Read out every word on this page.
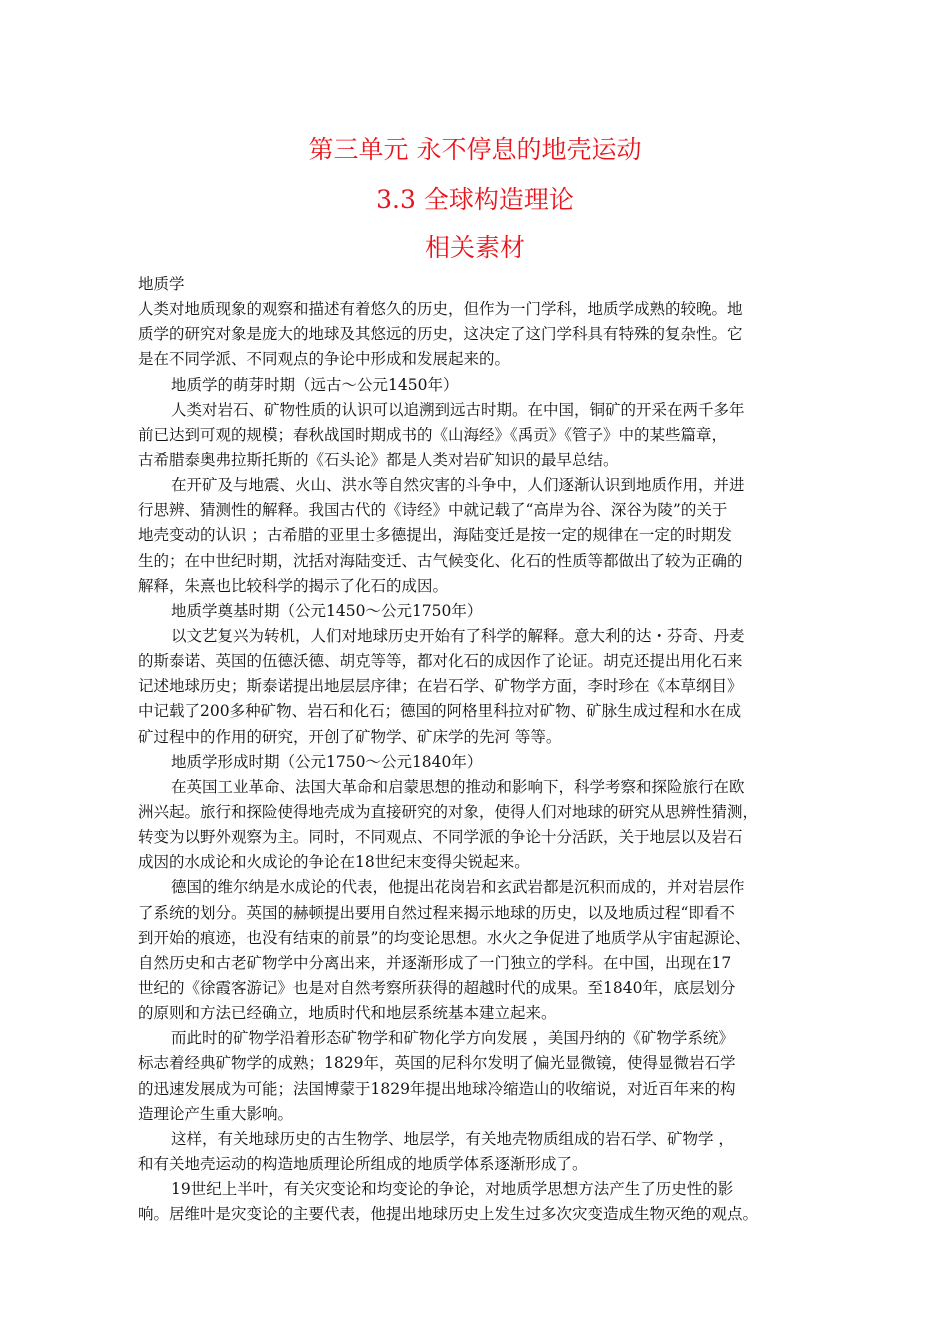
第三单元 永不停息的地壳运动
3.3 全球构造理论
相关素材
地质学
人类对地质现象的观察和描述有着悠久的历史，但作为一门学科，地质学成熟的较晚。地
质学的研究对象是庞大的地球及其悠远的历史，这决定了这门学科具有特殊的复杂性。它
是在不同学派、不同观点的争论中形成和发展起来的。
地质学的萌芽时期（远古～公元1450年）
人类对岩石、矿物性质的认识可以追溯到远古时期。在中国，铜矿的开采在两千多年
前已达到可观的规模；春秋战国时期成书的《山海经》《禹贡》《管子》中的某些篇章，
古希腊泰奥弗拉斯托斯的《石头论》都是人类对岩矿知识的最早总结。
在开矿及与地震、火山、洪水等自然灾害的斗争中，人们逐渐认识到地质作用，并进
行思辨、猜测性的解释。我国古代的《诗经》中就记载了“高岸为谷、深谷为陵”的关于
地壳变动的认识 ；古希腊的亚里士多德提出，海陆变迁是按一定的规律在一定的时期发
生的；在中世纪时期，沈括对海陆变迁、古气候变化、化石的性质等都做出了较为正确的
解释，朱熹也比较科学的揭示了化石的成因。
地质学奠基时期（公元1450～公元1750年）
以文艺复兴为转机，人们对地球历史开始有了科学的解释。意大利的达・芬奇、丹麦
的斯泰诺、英国的伍德沃德、胡克等等，都对化石的成因作了论证。胡克还提出用化石来
记述地球历史；斯泰诺提出地层层序律；在岩石学、矿物学方面，李时珍在《本草纲目》
中记载了200多种矿物、岩石和化石；德国的阿格里科拉对矿物、矿脉生成过程和水在成
矿过程中的作用的研究，开创了矿物学、矿床学的先河 等等。
地质学形成时期（公元1750～公元1840年）
在英国工业革命、法国大革命和启蒙思想的推动和影响下，科学考察和探险旅行在欧
洲兴起。旅行和探险使得地壳成为直接研究的对象，使得人们对地球的研究从思辨性猜测，
转变为以野外观察为主。同时，不同观点、不同学派的争论十分活跃，关于地层以及岩石
成因的水成论和火成论的争论在18世纪末变得尖锐起来。
德国的维尔纳是水成论的代表，他提出花岗岩和玄武岩都是沉积而成的，并对岩层作
了系统的划分。英国的赫顿提出要用自然过程来揭示地球的历史，以及地质过程“即看不
到开始的痕迹，也没有结束的前景”的均变论思想。水火之争促进了地质学从宇宙起源论、
自然历史和古老矿物学中分离出来，并逐渐形成了一门独立的学科。在中国，出现在17
世纪的《徐霞客游记》也是对自然考察所获得的超越时代的成果。至1840年，底层划分
的原则和方法已经确立，地质时代和地层系统基本建立起来。
而此时的矿物学沿着形态矿物学和矿物化学方向发展 ，美国丹纳的《矿物学系统》
标志着经典矿物学的成熟；1829年，英国的尼科尔发明了偏光显微镜，使得显微岩石学
的迅速发展成为可能；法国博蒙于1829年提出地球冷缩造山的收缩说，对近百年来的构
造理论产生重大影响。
这样，有关地球历史的古生物学、地层学，有关地壳物质组成的岩石学、矿物学 ，
和有关地壳运动的构造地质理论所组成的地质学体系逐渐形成了。
19世纪上半叶，有关灾变论和均变论的争论，对地质学思想方法产生了历史性的影
响。居维叶是灾变论的主要代表，他提出地球历史上发生过多次灾变造成生物灭绝的观点。
